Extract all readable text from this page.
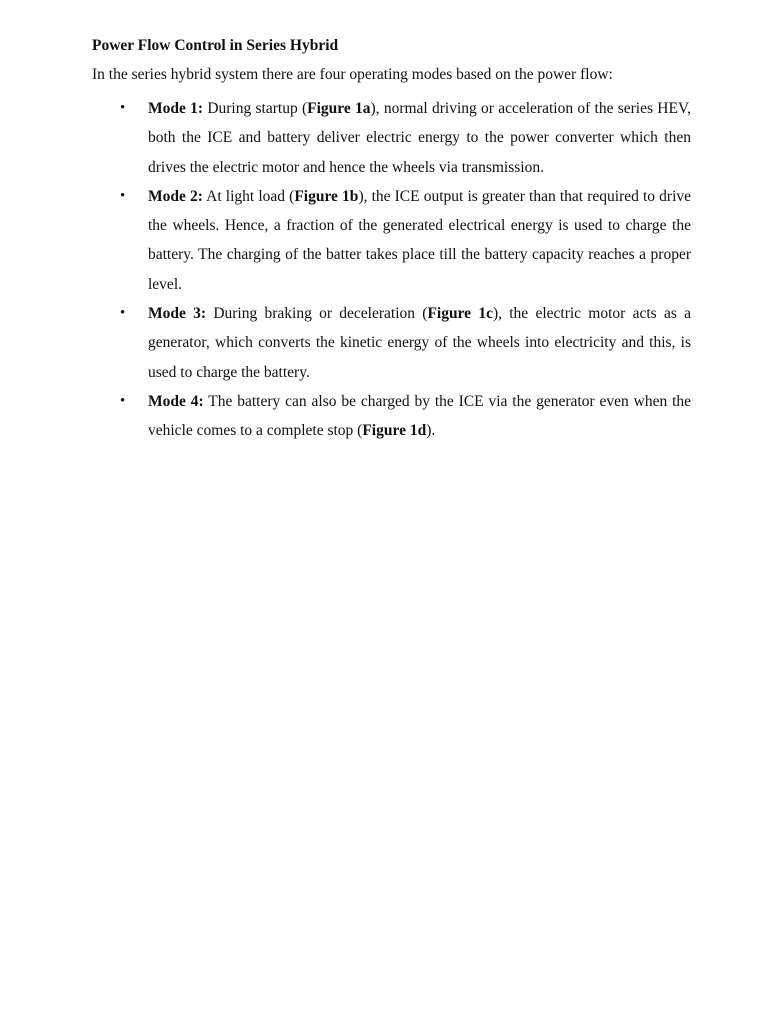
Power Flow Control in Series Hybrid
In the series hybrid system there are four operating modes based on the power flow:
•	Mode 1: During startup (Figure 1a), normal driving or acceleration of the series HEV, both the ICE and battery deliver electric energy to the power converter which then drives the electric motor and hence the wheels via transmission.
•	Mode 2: At light load (Figure 1b), the ICE output is greater than that required to drive the wheels. Hence, a fraction of the generated electrical energy is used to charge the battery. The charging of the batter takes place till the battery capacity reaches a proper level.
•	Mode 3: During braking or deceleration (Figure 1c), the electric motor acts as a generator, which converts the kinetic energy of the wheels into electricity and this, is used to charge the battery.
•	Mode 4: The battery can also be charged by the ICE via the generator even when the vehicle comes to a complete stop (Figure 1d).
